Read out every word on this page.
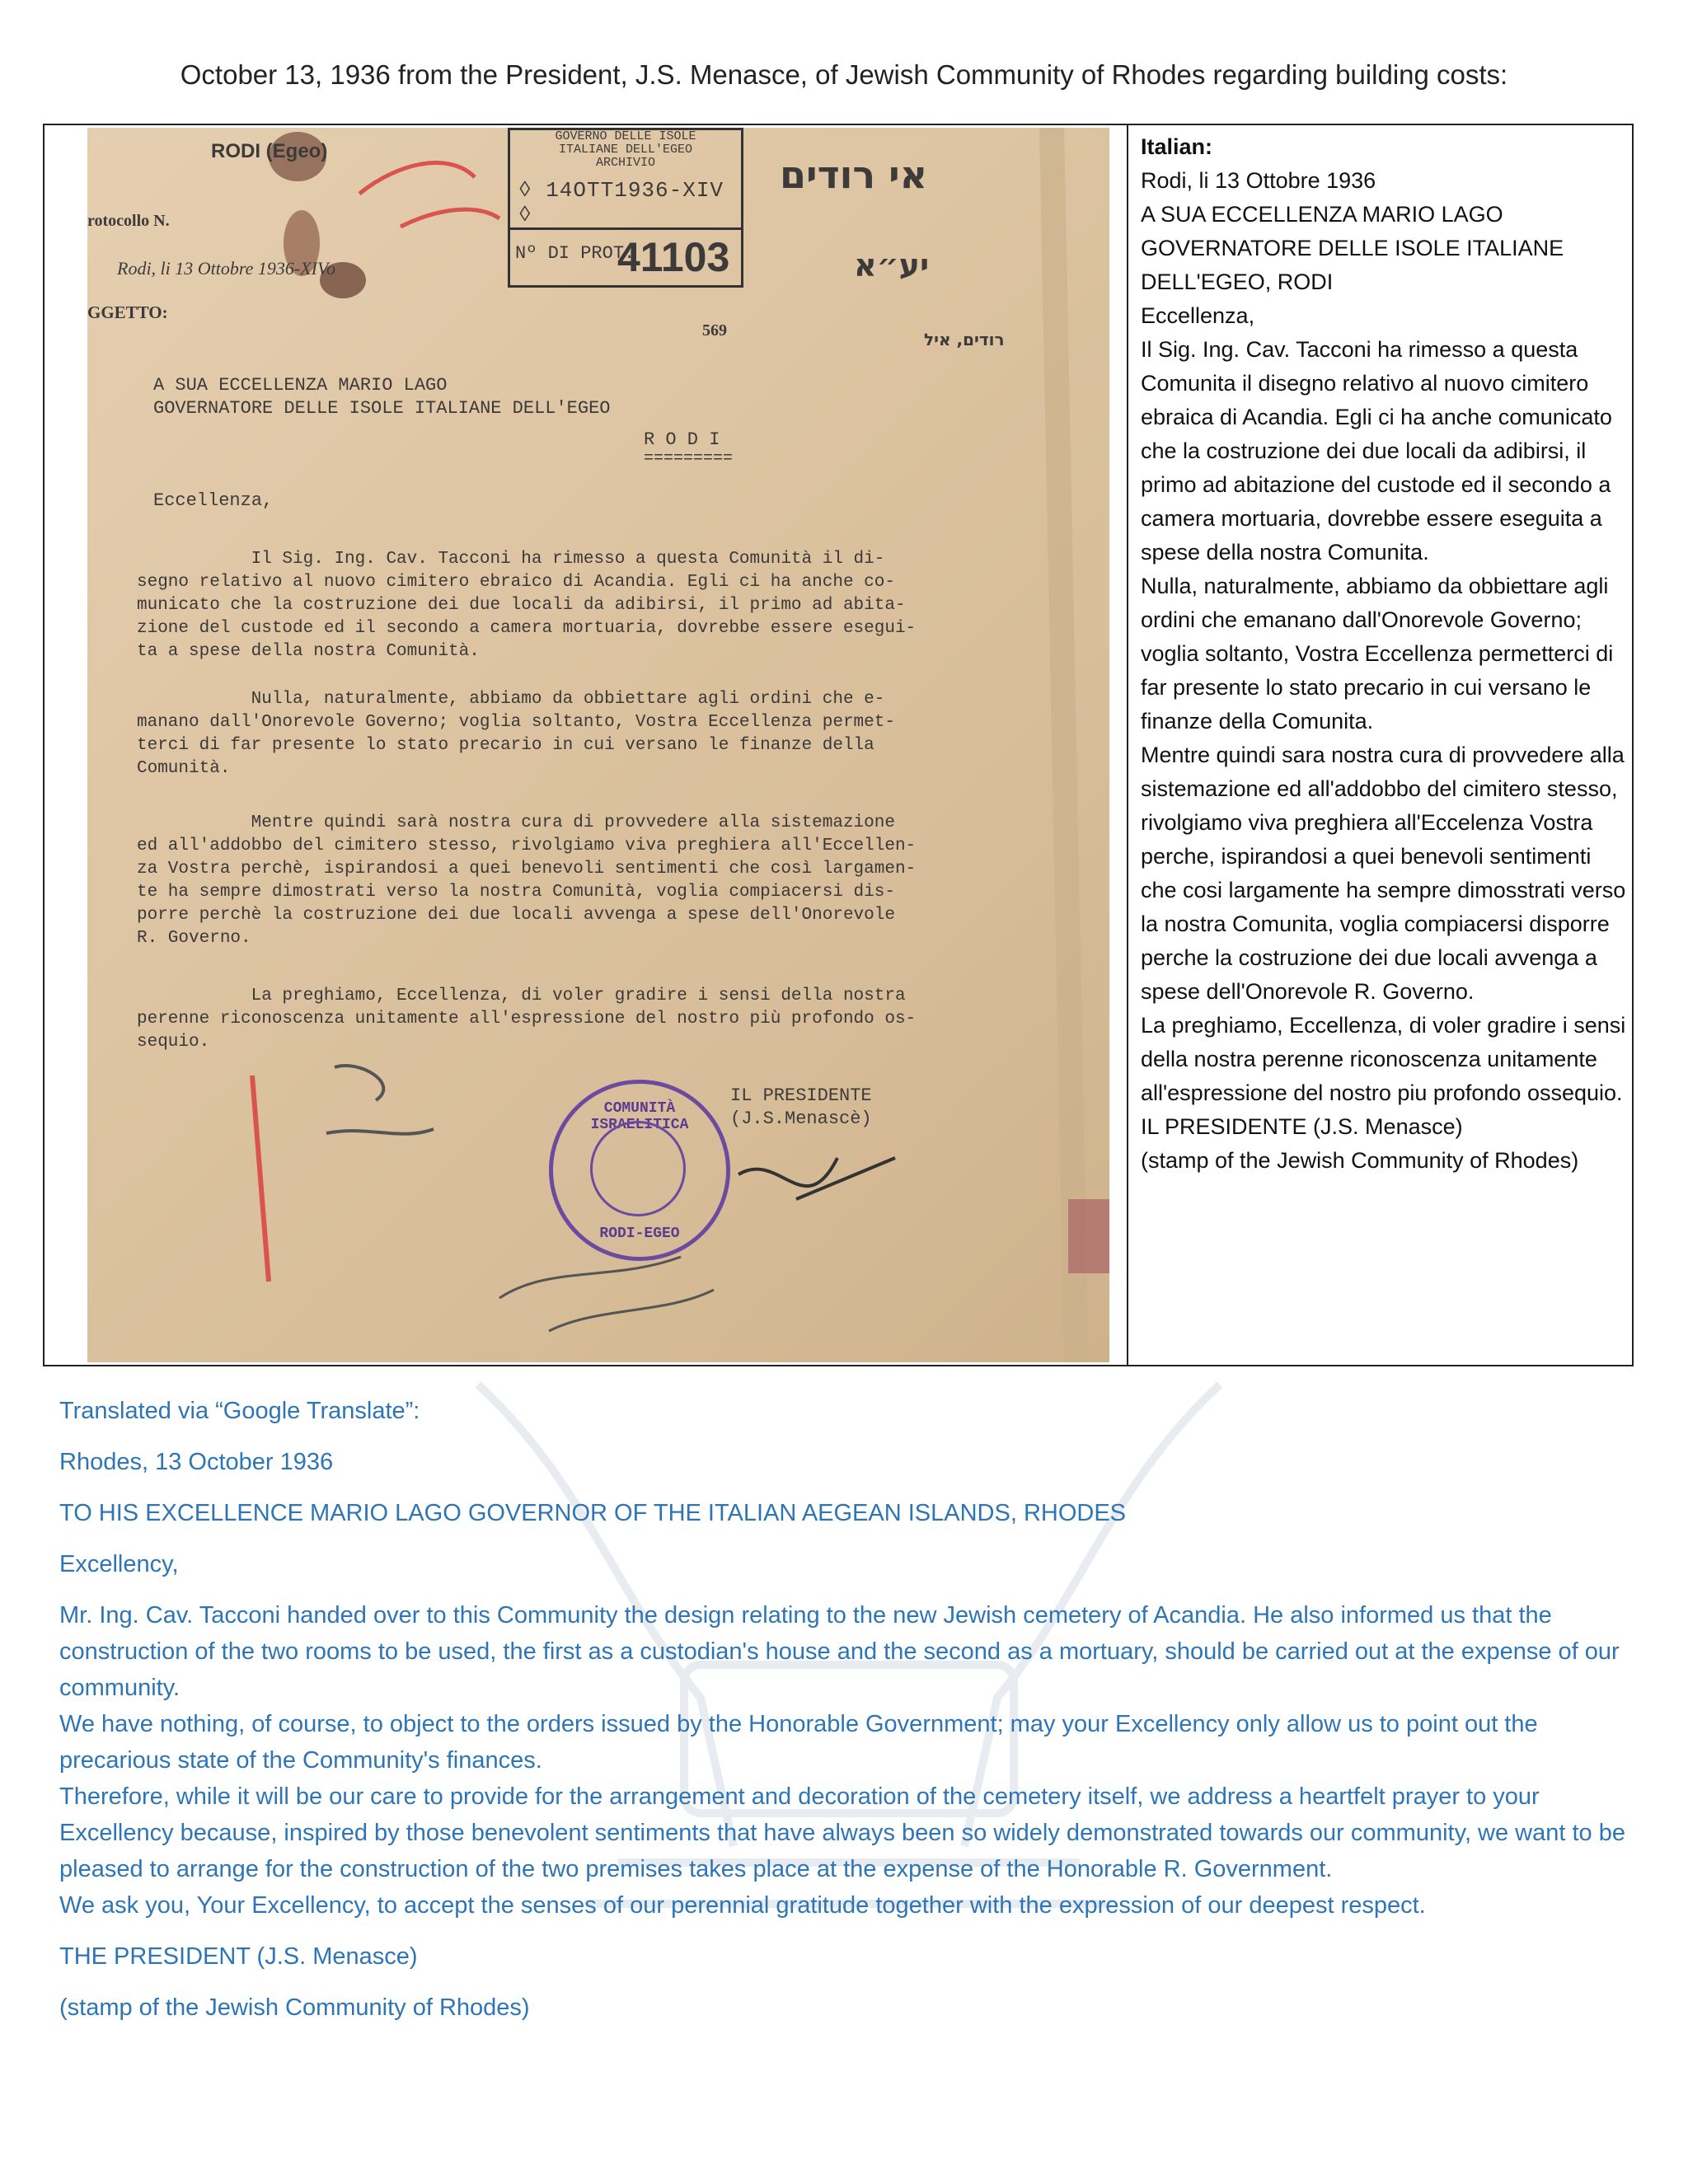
October 13, 1936 from the President, J.S. Menasce, of Jewish Community of Rhodes regarding building costs:
RODI (Egeo)
rotocollo N.
Rodi, li 13 Ottobre 1936-XIVo
GGETTO:
GOVERNO DELLE ISOLE
ITALIANE DELL'EGEO
ARCHIVIO
◊ 14OTT1936-XIV ◊
Nº DI PROT.
41103
אי רודים
יע״א
569	רודים, איל
A SUA ECCELLENZA MARIO LAGO
GOVERNATORE DELLE ISOLE ITALIANE DELL'EGEO
R O D I
=========
Eccellenza,
Il Sig. Ing. Cav. Tacconi ha rimesso a questa Comunità il di-
segno relativo al nuovo cimitero ebraico di Acandia. Egli ci ha anche co-
municato che la costruzione dei due locali da adibirsi, il primo ad abita-
zione del custode ed il secondo a camera mortuaria, dovrebbe essere esegui-
ta a spese della nostra Comunità.
Nulla, naturalmente, abbiamo da obbiettare agli ordini che e-
manano dall'Onorevole Governo; voglia soltanto, Vostra Eccellenza permet-
terci di far presente lo stato precario in cui versano le finanze della
Comunità.
Mentre quindi sarà nostra cura di provvedere alla sistemazione
ed all'addobbo del cimitero stesso, rivolgiamo viva preghiera all'Eccellen-
za Vostra perchè, ispirandosi a quei benevoli sentimenti che così largamen-
te ha sempre dimostrati verso la nostra Comunità, voglia compiacersi dis-
porre perchè la costruzione dei due locali avvenga a spese dell'Onorevole
R. Governo.
La preghiamo, Eccellenza, di voler gradire i sensi della nostra
perenne riconoscenza unitamente all'espressione del nostro più profondo os-
sequio.
IL PRESIDENTE
(J.S.Menascè)
COMUNITÀ ISRAELITICA
RODI-EGEO
Italian:
Rodi, li 13 Ottobre 1936
A SUA ECCELLENZA MARIO LAGO GOVERNATORE DELLE ISOLE ITALIANE DELL'EGEO, RODI
Eccellenza,
Il Sig. Ing. Cav. Tacconi ha rimesso a questa Comunita il disegno relativo al nuovo cimitero ebraica di Acandia. Egli ci ha anche comunicato che la costruzione dei due locali da adibirsi, il primo ad abitazione del custode ed il secondo a camera mortuaria, dovrebbe essere eseguita a spese della nostra Comunita.
Nulla, naturalmente, abbiamo da obbiettare agli ordini che emanano dall'Onorevole Governo; voglia soltanto, Vostra Eccellenza permetterci di far presente lo stato precario in cui versano le finanze della Comunita.
Mentre quindi sara nostra cura di provvedere alla sistemazione ed all'addobbo del cimitero stesso, rivolgiamo viva preghiera all'Eccelenza Vostra perche, ispirandosi a quei benevoli sentimenti che cosi largamente ha sempre dimosstrati verso la nostra Comunita, voglia compiacersi disporre perche la costruzione dei due locali avvenga a spese dell'Onorevole R. Governo.
La preghiamo, Eccellenza, di voler gradire i sensi della nostra perenne riconoscenza unitamente all'espressione del nostro piu profondo ossequio.
IL PRESIDENTE (J.S. Menasce)
(stamp of the Jewish Community of Rhodes)

Translated via “Google Translate”:

Rhodes, 13 October 1936

TO HIS EXCELLENCE MARIO LAGO GOVERNOR OF THE ITALIAN AEGEAN ISLANDS, RHODES

Excellency,

Mr. Ing. Cav. Tacconi handed over to this Community the design relating to the new Jewish cemetery of Acandia. He also informed us that the construction of the two rooms to be used, the first as a custodian's house and the second as a mortuary, should be carried out at the expense of our community.

We have nothing, of course, to object to the orders issued by the Honorable Government; may your Excellency only allow us to point out the precarious state of the Community's finances.

Therefore, while it will be our care to provide for the arrangement and decoration of the cemetery itself, we address a heartfelt prayer to your Excellency because, inspired by those benevolent sentiments that have always been so widely demonstrated towards our community, we want to be pleased to arrange for the construction of the two premises takes place at the expense of the Honorable R. Government.

We ask you, Your Excellency, to accept the senses of our perennial gratitude together with the expression of our deepest respect.

THE PRESIDENT (J.S. Menasce)

(stamp of the Jewish Community of Rhodes)
